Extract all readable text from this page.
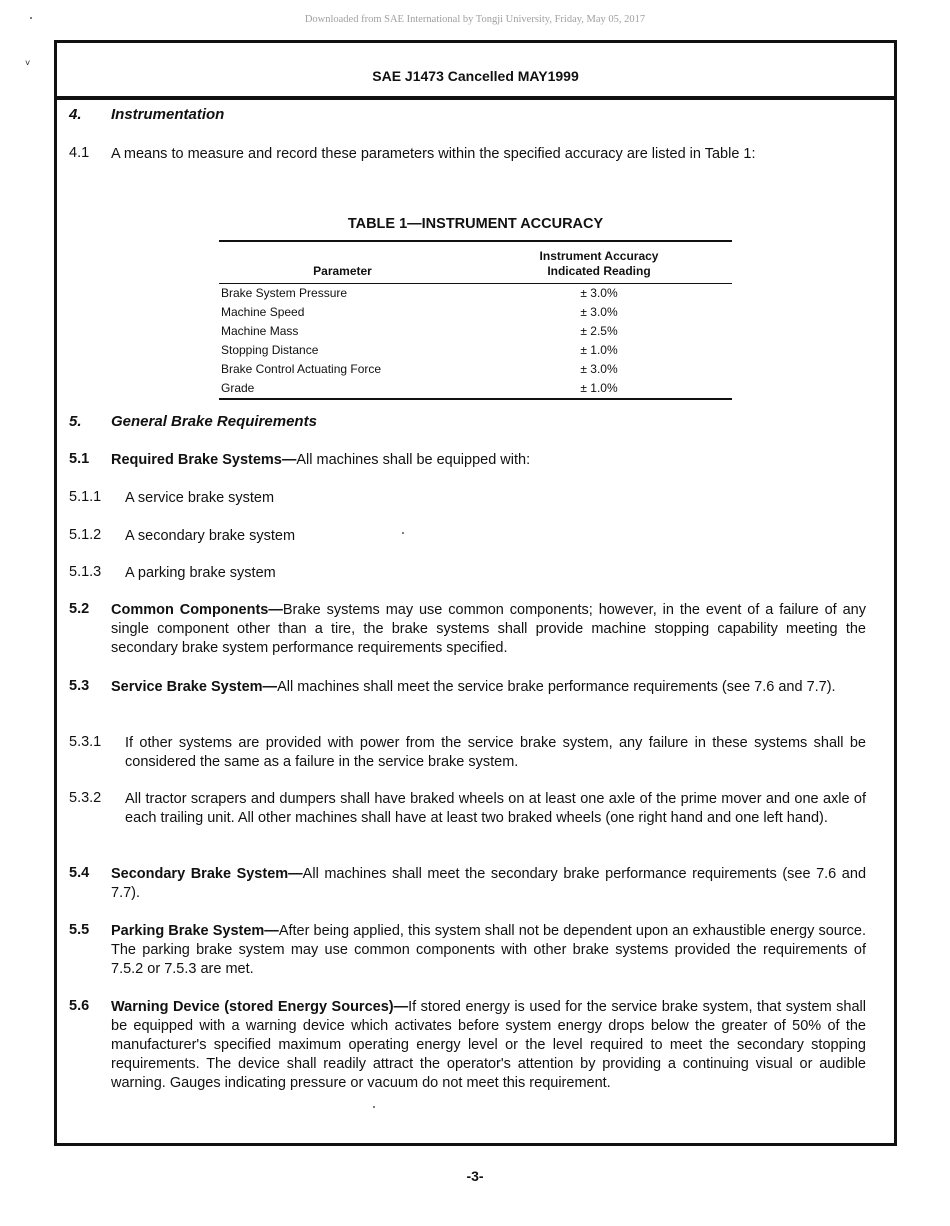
Downloaded from SAE International by Tongji University, Friday, May 05, 2017
˅
SAE J1473 Cancelled MAY1999
4. Instrumentation
4.1 A means to measure and record these parameters within the specified accuracy are listed in Table 1:
TABLE 1—INSTRUMENT ACCURACY
Parameter	Instrument Accuracy
Indicated Reading

Brake System Pressure	± 3.0%
Machine Speed	± 3.0%
Machine Mass	± 2.5%
Stopping Distance	± 1.0%
Brake Control Actuating Force	± 3.0%
Grade	± 1.0%
5. General Brake Requirements
5.1 Required Brake Systems—All machines shall be equipped with:
5.1.1 A service brake system
5.1.2 A secondary brake system
5.1.3 A parking brake system
5.2 Common Components—Brake systems may use common components; however, in the event of a failure of any single component other than a tire, the brake systems shall provide machine stopping capability meeting the secondary brake system performance requirements specified.
5.3 Service Brake System—All machines shall meet the service brake performance requirements (see 7.6 and 7.7).
5.3.1 If other systems are provided with power from the service brake system, any failure in these systems shall be considered the same as a failure in the service brake system.
5.3.2 All tractor scrapers and dumpers shall have braked wheels on at least one axle of the prime mover and one axle of each trailing unit. All other machines shall have at least two braked wheels (one right hand and one left hand).
5.4 Secondary Brake System—All machines shall meet the secondary brake performance requirements (see 7.6 and 7.7).
5.5 Parking Brake System—After being applied, this system shall not be dependent upon an exhaustible energy source. The parking brake system may use common components with other brake systems provided the requirements of 7.5.2 or 7.5.3 are met.
5.6 Warning Device (stored Energy Sources)—If stored energy is used for the service brake system, that system shall be equipped with a warning device which activates before system energy drops below the greater of 50% of the manufacturer's specified maximum operating energy level or the level required to meet the secondary stopping requirements. The device shall readily attract the operator's attention by providing a continuing visual or audible warning. Gauges indicating pressure or vacuum do not meet this requirement.
-3-
